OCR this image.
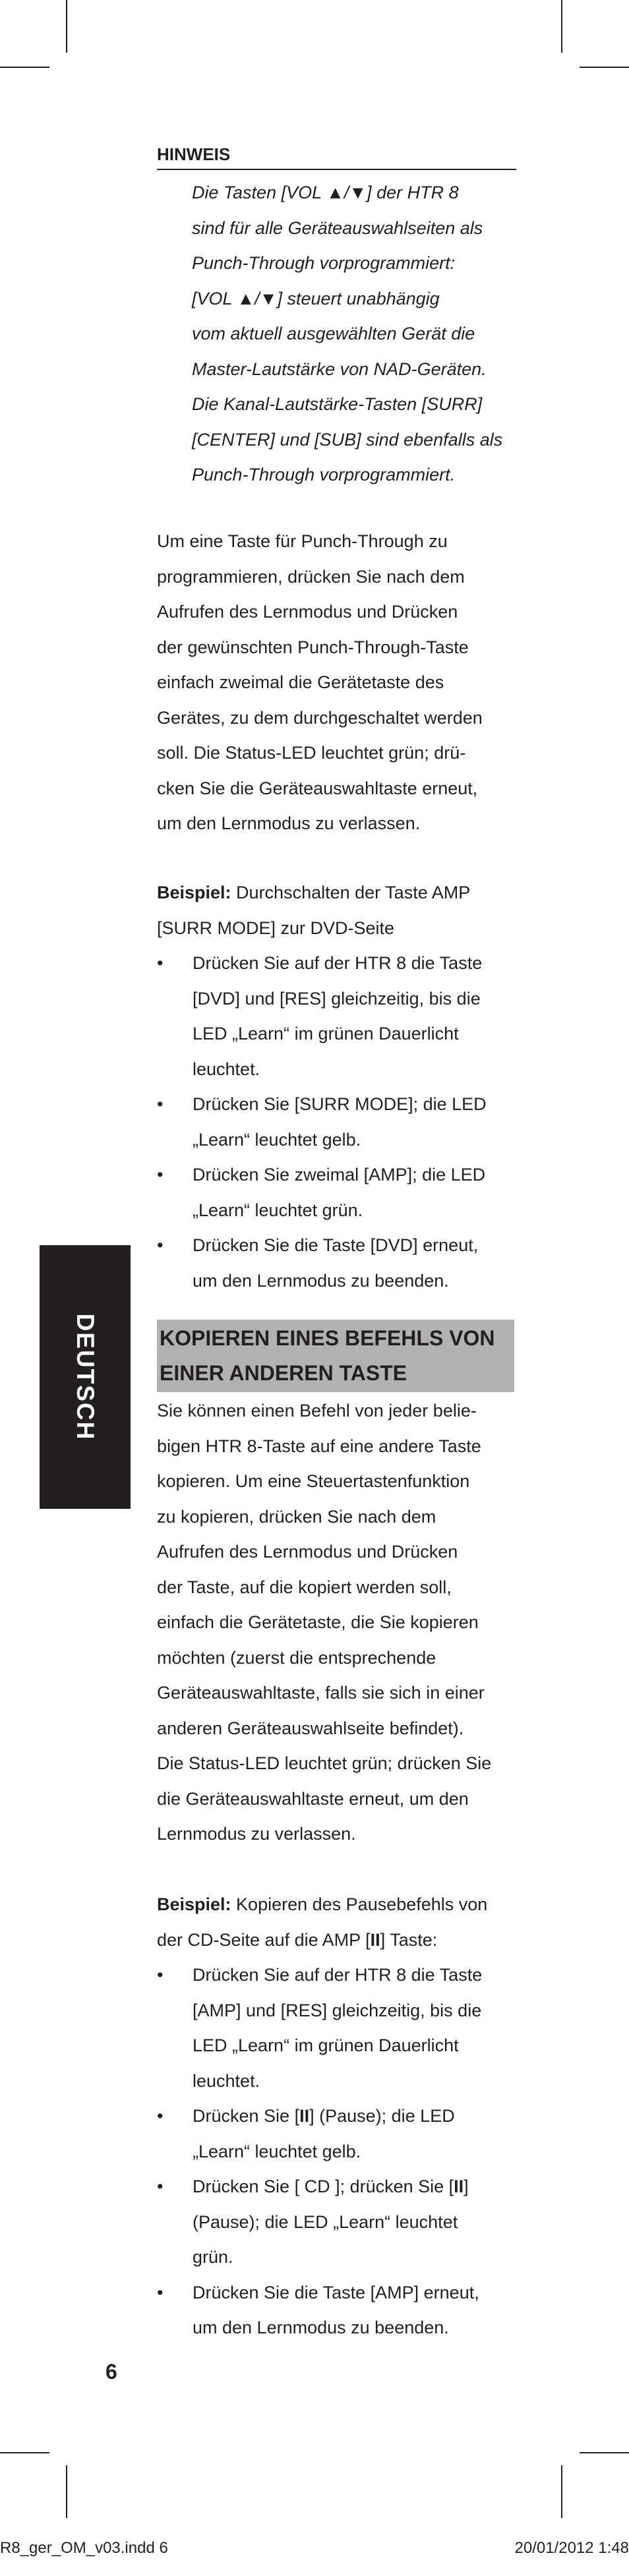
HINWEIS

Die Tasten [VOL ▲/▼] der HTR 8
sind für alle Geräteauswahlseiten als
Punch-Through vorprogrammiert:
[VOL ▲/▼] steuert unabhängig
vom aktuell ausgewählten Gerät die
Master-Lautstärke von NAD-Geräten.
Die Kanal-Lautstärke-Tasten [SURR]
[CENTER] und [SUB] sind ebenfalls als
Punch-Through vorprogrammiert.

Um eine Taste für Punch-Through zu
programmieren, drücken Sie nach dem
Aufrufen des Lernmodus und Drücken
der gewünschten Punch-Through-Taste
einfach zweimal die Gerätetaste des
Gerätes, zu dem durchgeschaltet werden
soll. Die Status-LED leuchtet grün; drü-
cken Sie die Geräteauswahltaste erneut,
um den Lernmodus zu verlassen.

Beispiel: Durchschalten der Taste AMP
[SURR MODE] zur DVD-Seite
• Drücken Sie auf der HTR 8 die Taste
[DVD] und [RES] gleichzeitig, bis die
LED „Learn“ im grünen Dauerlicht
leuchtet.
• Drücken Sie [SURR MODE]; die LED
„Learn“ leuchtet gelb.
• Drücken Sie zweimal [AMP]; die LED
„Learn“ leuchtet grün.
• Drücken Sie die Taste [DVD] erneut,
um den Lernmodus zu beenden.
DEUTSCH	KOPIEREN EINES BEFEHLS VON
EINER ANDEREN TASTE

Sie können einen Befehl von jeder belie-
bigen HTR 8-Taste auf eine andere Taste
kopieren. Um eine Steuertastenfunktion
zu kopieren, drücken Sie nach dem
Aufrufen des Lernmodus und Drücken
der Taste, auf die kopiert werden soll,
einfach die Gerätetaste, die Sie kopieren
möchten (zuerst die entsprechende
Geräteauswahltaste, falls sie sich in einer
anderen Geräteauswahlseite befindet).
Die Status-LED leuchtet grün; drücken Sie
die Geräteauswahltaste erneut, um den
Lernmodus zu verlassen.

Beispiel: Kopieren des Pausebefehls von
der CD-Seite auf die AMP [II] Taste:
• Drücken Sie auf der HTR 8 die Taste
[AMP] und [RES] gleichzeitig, bis die
LED „Learn“ im grünen Dauerlicht
leuchtet.
• Drücken Sie [II] (Pause); die LED
„Learn“ leuchtet gelb.
• Drücken Sie [ CD ]; drücken Sie [II]
(Pause); die LED „Learn“ leuchtet
grün.
• Drücken Sie die Taste [AMP] erneut,
um den Lernmodus zu beenden.
6
R8_ger_OM_v03.indd 6	20/01/2012 1:48
